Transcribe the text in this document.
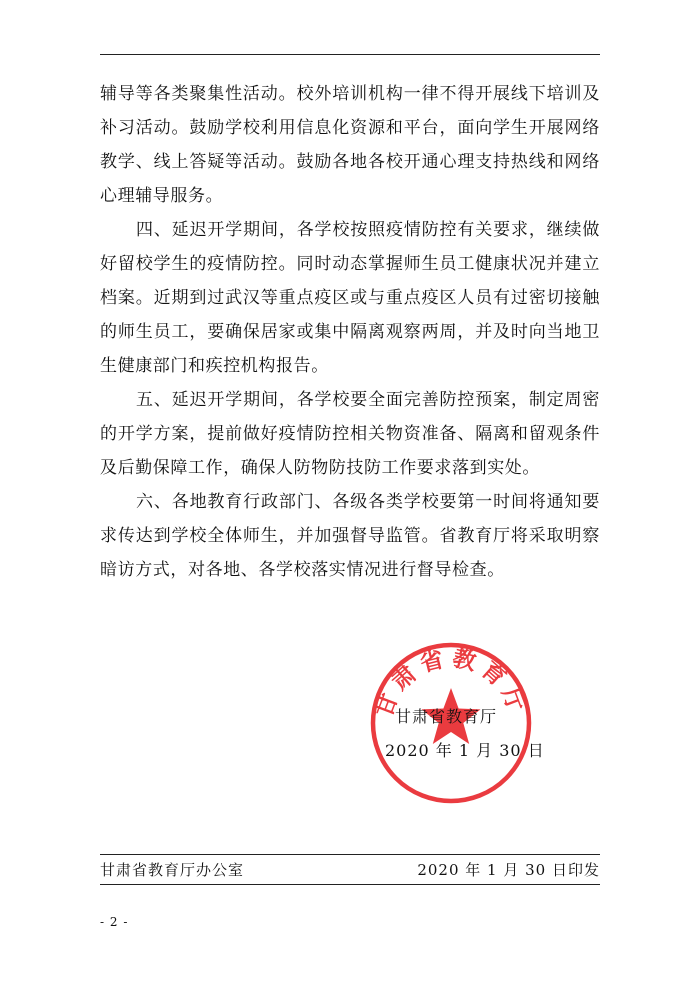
辅导等各类聚集性活动。校外培训机构一律不得开展线下培训及补习活动。鼓励学校利用信息化资源和平台，面向学生开展网络教学、线上答疑等活动。鼓励各地各校开通心理支持热线和网络心理辅导服务。

四、延迟开学期间，各学校按照疫情防控有关要求，继续做好留校学生的疫情防控。同时动态掌握师生员工健康状况并建立档案。近期到过武汉等重点疫区或与重点疫区人员有过密切接触的师生员工，要确保居家或集中隔离观察两周，并及时向当地卫生健康部门和疾控机构报告。

五、延迟开学期间，各学校要全面完善防控预案，制定周密的开学方案，提前做好疫情防控相关物资准备、隔离和留观条件及后勤保障工作，确保人防物防技防工作要求落到实处。

六、各地教育行政部门、各级各类学校要第一时间将通知要求传达到学校全体师生，并加强督导监管。省教育厅将采取明察暗访方式，对各地、各学校落实情况进行督导检查。

甘肃省教育厅
甘肃省教育厅
2020 年 1 月 30 日
甘肃省教育厅办公室	2020 年 1 月 30 日印发
- 2 -
